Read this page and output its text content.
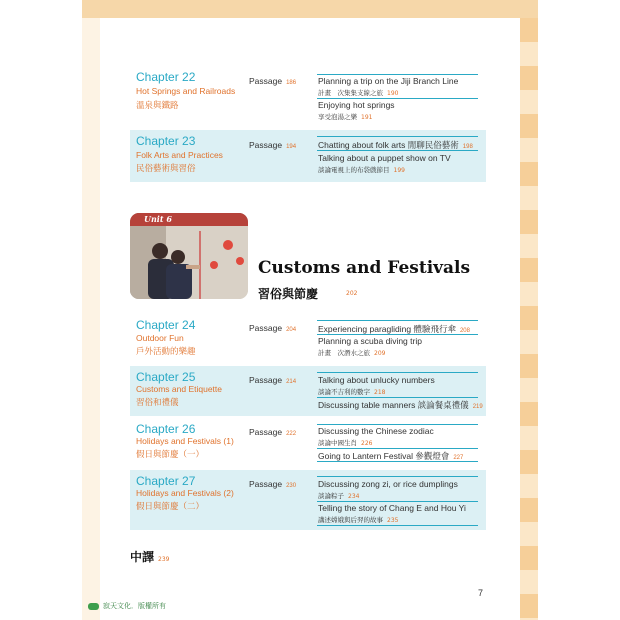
Chapter 22
Hot Springs and Railroads
溫泉與鐵路
Passage 186	Planning a trip on the Jiji Branch Line
計畫　次集集支線之旅 190
Enjoying hot springs
享受泡湯之樂 191
Chapter 23
Folk Arts and Practices
民俗藝術與習俗
Passage 194	Chatting about folk arts 閒聊民俗藝術 198
Talking about a puppet show on TV
談論電視上的布袋戲節目 199
Unit 6
Customs and Festivals
習俗與節慶	202
Chapter 24
Outdoor Fun
戶外活動的樂趣
Passage 204	Experiencing paragliding 體驗飛行傘 208
Planning a scuba diving trip
計畫　次潛水之旅 209
Chapter 25
Customs and Etiquette
習俗和禮儀
Passage 214	Talking about unlucky numbers
談論不吉利的數字 218
Discussing table manners 談論餐桌禮儀 219
Chapter 26
Holidays and Festivals (1)
假日與節慶（一）
Passage 222	Discussing the Chinese zodiac
談論中國生肖 226
Going to Lantern Festival 參觀燈會 227
Chapter 27
Holidays and Festivals (2)
假日與節慶（二）
Passage 230	Discussing zong zi, or rice dumplings
談論粽子 234
Telling the story of Chang E and Hou Yi
講述嫦娥與后羿的故事 235
中譯 239
7
寂天文化．版權所有
